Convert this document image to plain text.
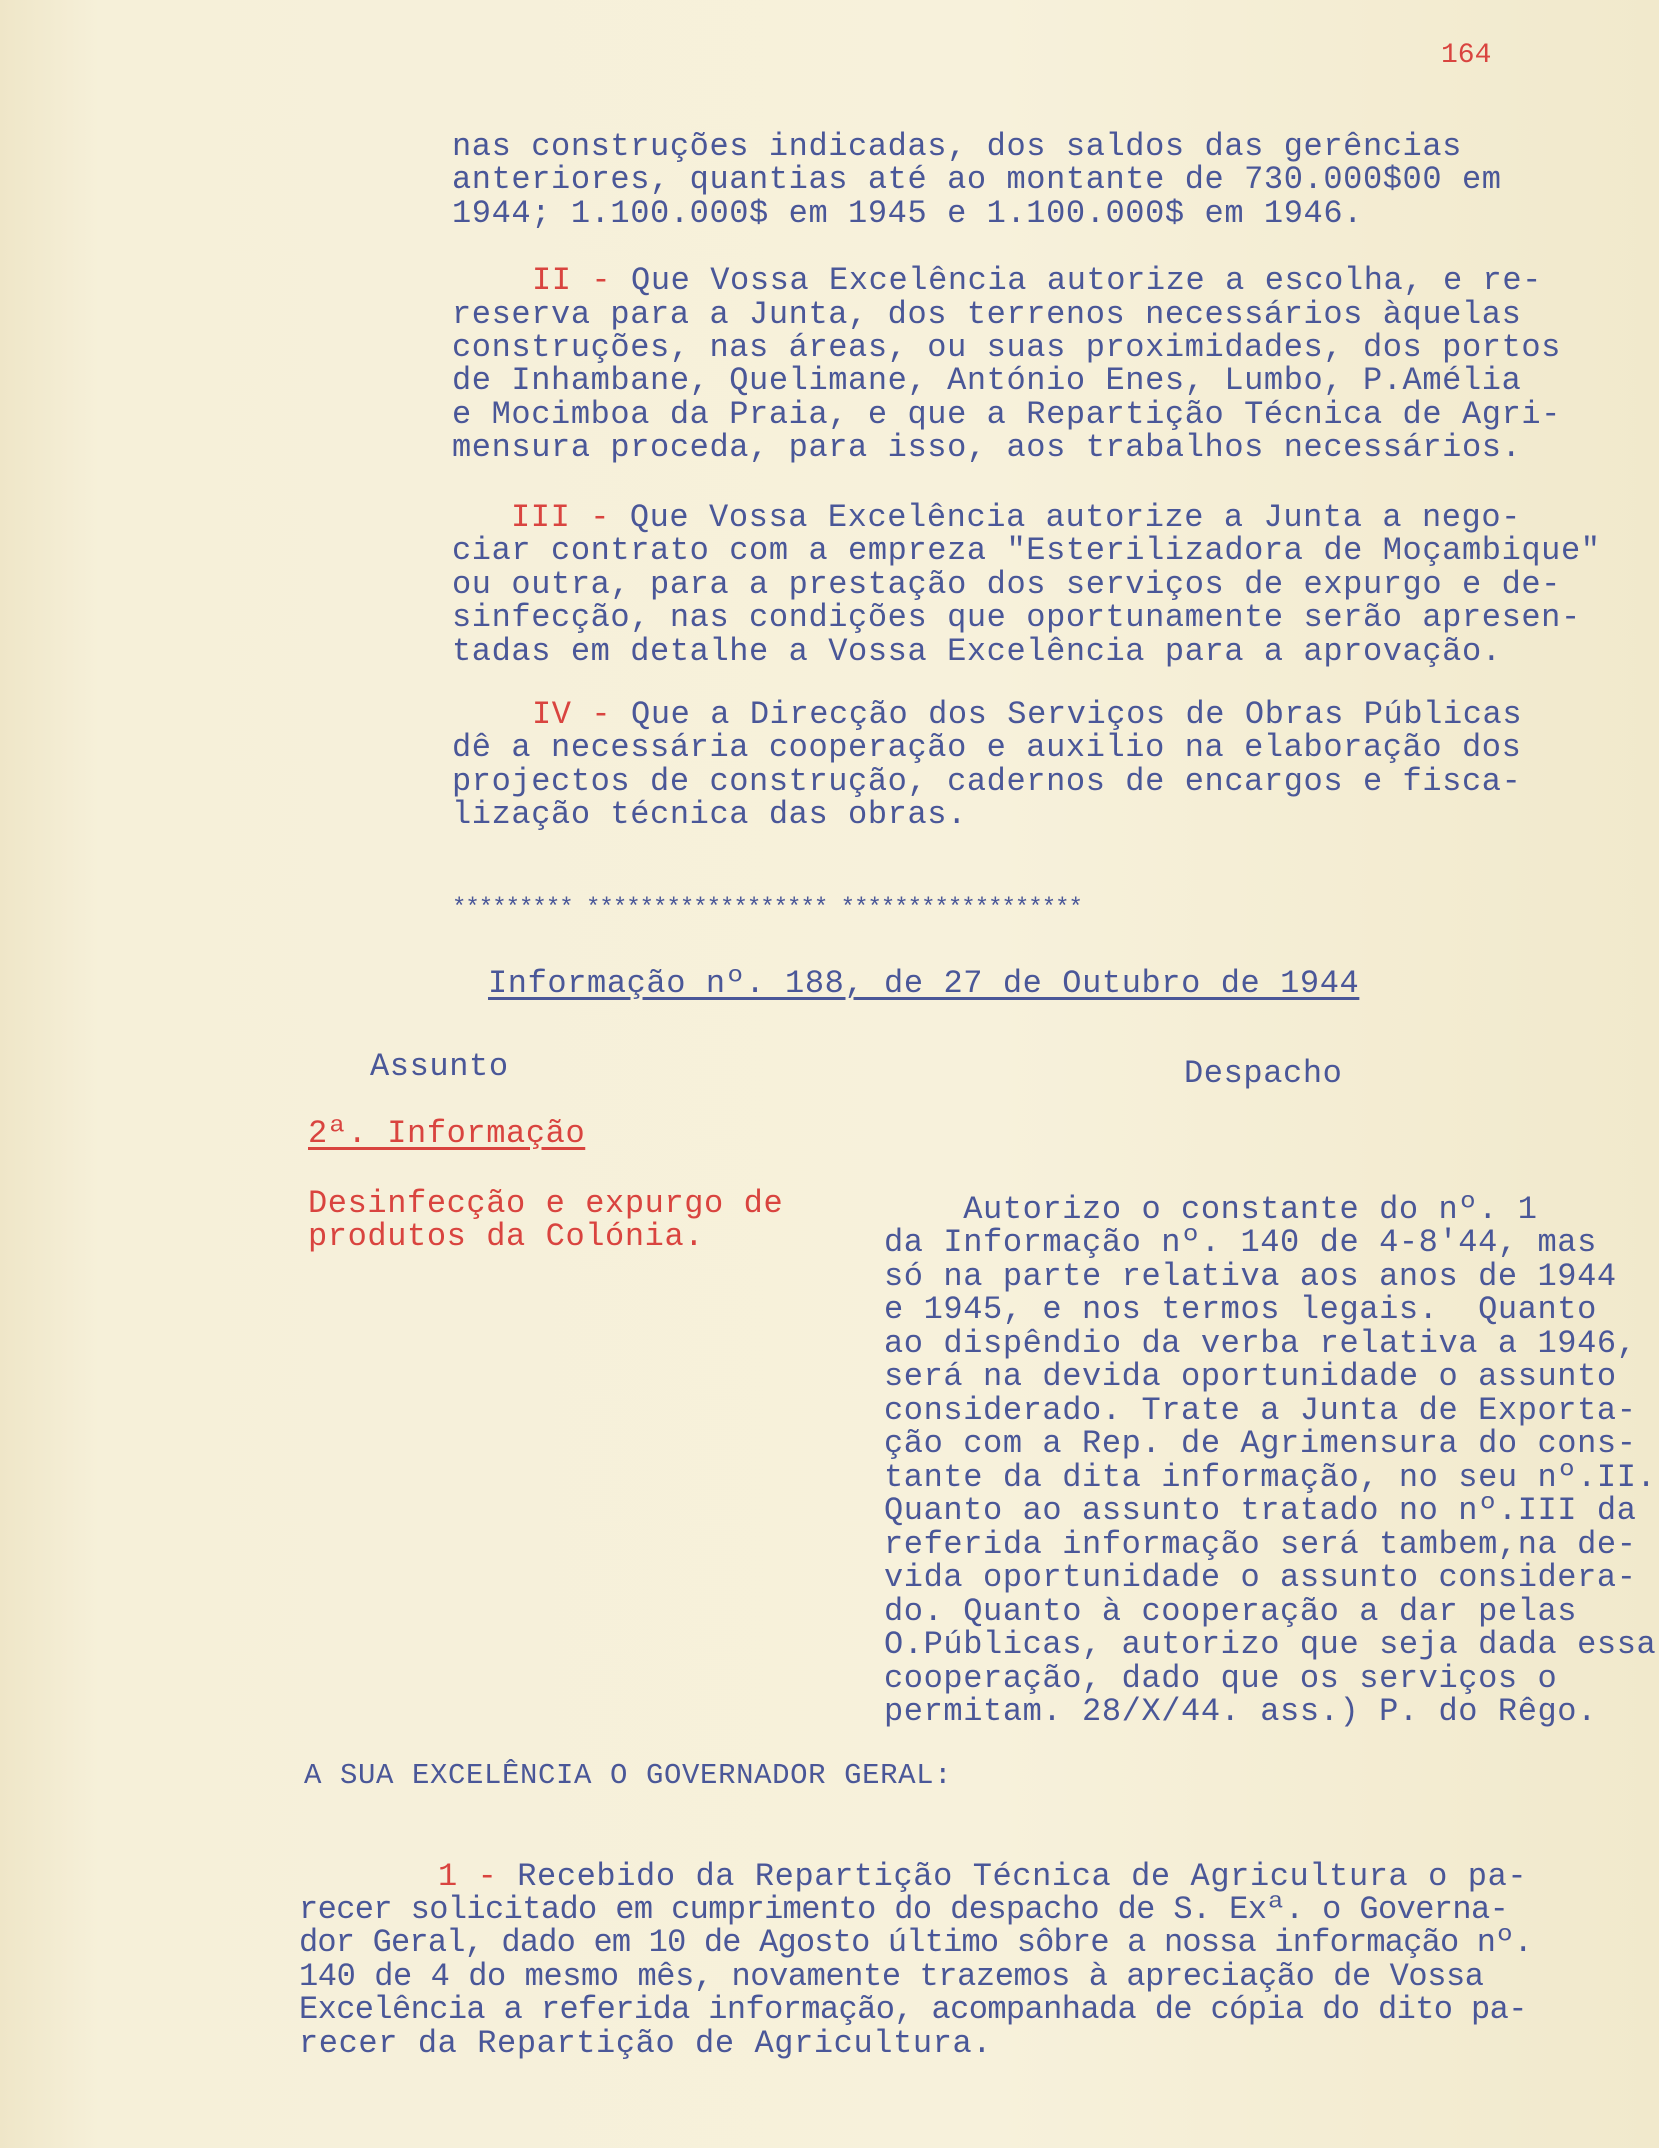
164
nas construções indicadas, dos saldos das gerências
anteriores, quantias até ao montante de 730.000$00 em
1944; 1.100.000$ em 1945 e 1.100.000$ em 1946.
II - Que Vossa Excelência autorize a escolha, e re-
reserva para a Junta, dos terrenos necessários àquelas
construções, nas áreas, ou suas proximidades, dos portos
de Inhambane, Quelimane, António Enes, Lumbo, P.Amélia
e Mocimboa da Praia, e que a Repartição Técnica de Agri-
mensura proceda, para isso, aos trabalhos necessários.
III - Que Vossa Excelência autorize a Junta a nego-
ciar contrato com a empreza "Esterilizadora de Moçambique"
ou outra, para a prestação dos serviços de expurgo e de-
sinfecção, nas condições que oportunamente serão apresen-
tadas em detalhe a Vossa Excelência para a aprovação.
IV - Que a Direcção dos Serviços de Obras Públicas
dê a necessária cooperação e auxilio na elaboração dos
projectos de construção, cadernos de encargos e fisca-
lização técnica das obras.
********* ****************** ******************
Informação nº. 188, de 27 de Outubro de 1944
Assunto	Despacho
2ª. Informação
Desinfecção e expurgo de
produtos da Colónia.
Autorizo o constante do nº. 1
da Informação nº. 140 de 4-8'44, mas
só na parte relativa aos anos de 1944
e 1945, e nos termos legais.  Quanto
ao dispêndio da verba relativa a 1946,
será na devida oportunidade o assunto
considerado. Trate a Junta de Exporta-
ção com a Rep. de Agrimensura do cons-
tante da dita informação, no seu nº.II.
Quanto ao assunto tratado no nº.III da
referida informação será tambem,na de-
vida oportunidade o assunto considera-
do. Quanto à cooperação a dar pelas
O.Públicas, autorizo que seja dada essa
cooperação, dado que os serviços o
permitam. 28/X/44. ass.) P. do Rêgo.
A SUA EXCELÊNCIA O GOVERNADOR GERAL:
1 - Recebido da Repartição Técnica de Agricultura o pa-
recer solicitado em cumprimento do despacho de S. Exª. o Governa-
dor Geral, dado em 10 de Agosto último sôbre a nossa informação nº.
140 de 4 do mesmo mês, novamente trazemos à apreciação de Vossa
Excelência a referida informação, acompanhada de cópia do dito pa-
recer da Repartição de Agricultura.
